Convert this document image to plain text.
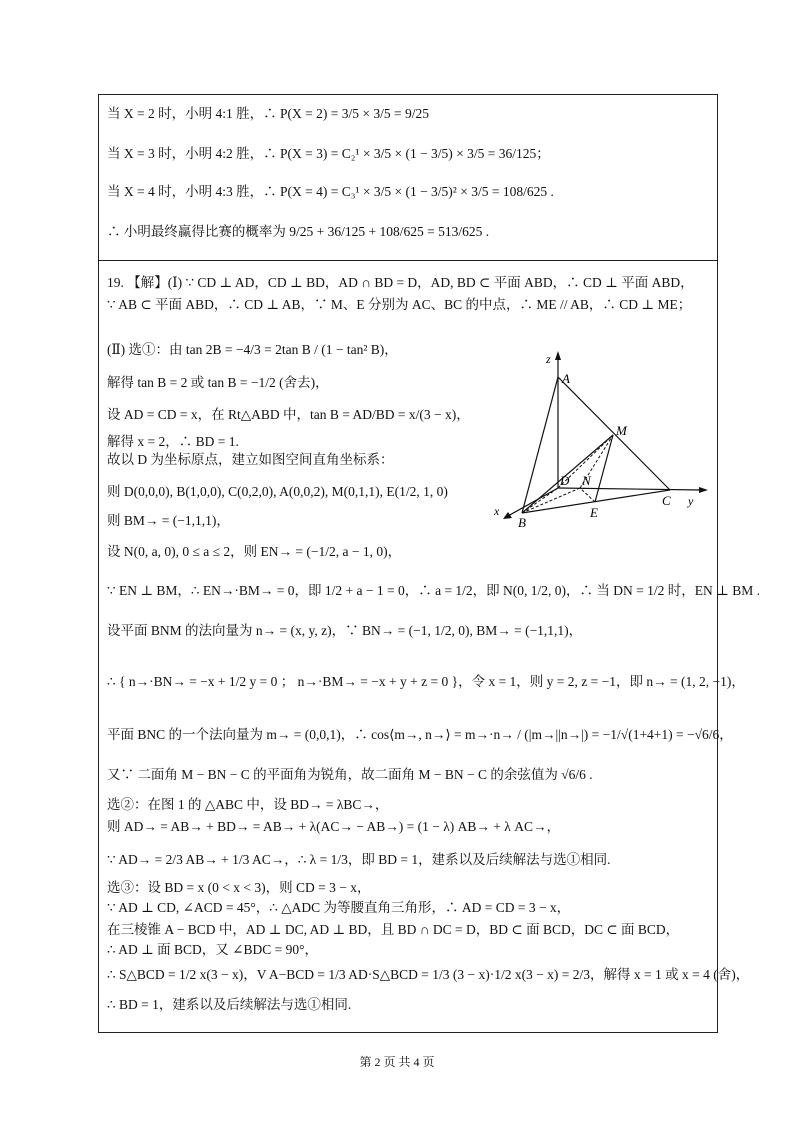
当 X = 2 时，小明 4:1 胜，∴ P(X = 2) = 3/5 × 3/5 = 9/25
当 X = 3 时，小明 4:2 胜，∴ P(X = 3) = C₂¹ × 3/5 × (1 − 3/5) × 3/5 = 36/125；
当 X = 4 时，小明 4:3 胜，∴ P(X = 4) = C₃¹ × 3/5 × (1 − 3/5)² × 3/5 = 108/625 .
∴ 小明最终赢得比赛的概率为 9/25 + 36/125 + 108/625 = 513/625 .
19. 【解】(Ⅰ) ∵ CD ⊥ AD，CD ⊥ BD，AD ∩ BD = D，AD, BD ⊂ 平面 ABD，∴ CD ⊥ 平面 ABD，
∵ AB ⊂ 平面 ABD，∴ CD ⊥ AB，∵ M、E 分别为 AC、BC 的中点，∴ ME // AB，∴ CD ⊥ ME；
(Ⅱ) 选①：由 tan 2B = −4/3 = 2tan B / (1 − tan² B)，
解得 tan B = 2 或 tan B = −1/2 (舍去)，
设 AD = CD = x，在 Rt△ABD 中，tan B = AD/BD = x/(3 − x)，
解得 x = 2，∴ BD = 1.
故以 D 为坐标原点，建立如图空间直角坐标系：
则 D(0,0,0), B(1,0,0), C(0,2,0), A(0,0,2), M(0,1,1), E(1/2, 1, 0)
则 BM→ = (−1,1,1)，
设 N(0, a, 0), 0 ≤ a ≤ 2，则 EN→ = (−1/2, a − 1, 0)，
∵ EN ⊥ BM，∴ EN→·BM→ = 0，即 1/2 + a − 1 = 0，∴ a = 1/2，即 N(0, 1/2, 0)，∴ 当 DN = 1/2 时，EN ⊥ BM .
设平面 BNM 的法向量为 n→ = (x, y, z)，∵ BN→ = (−1, 1/2, 0), BM→ = (−1,1,1)，
∴ { n→·BN→ = −x + 1/2 y = 0 ； n→·BM→ = −x + y + z = 0 }，令 x = 1，则 y = 2, z = −1，即 n→ = (1, 2, −1)，
平面 BNC 的一个法向量为 m→ = (0,0,1)，∴ cos⟨m→, n→⟩ = m→·n→ / (|m→||n→|) = −1/√(1+4+1) = −√6/6，
又∵ 二面角 M − BN − C 的平面角为锐角，故二面角 M − BN − C 的余弦值为 √6/6 .
选②：在图 1 的 △ABC 中，设 BD→ = λBC→，
则 AD→ = AB→ + BD→ = AB→ + λ(AC→ − AB→) = (1 − λ) AB→ + λ AC→，
∵ AD→ = 2/3 AB→ + 1/3 AC→，∴ λ = 1/3，即 BD = 1，建系以及后续解法与选①相同.
选③：设 BD = x (0 < x < 3)，则 CD = 3 − x，
∵ AD ⊥ CD, ∠ACD = 45°，∴ △ADC 为等腰直角三角形，∴ AD = CD = 3 − x，
在三棱锥 A − BCD 中，AD ⊥ DC, AD ⊥ BD，且 BD ∩ DC = D，BD ⊂ 面 BCD，DC ⊂ 面 BCD，
∴ AD ⊥ 面 BCD，又 ∠BDC = 90°，
∴ S△BCD = 1/2 x(3 − x)，V A−BCD = 1/3 AD·S△BCD = 1/3 (3 − x)·1/2 x(3 − x) = 2/3，解得 x = 1 或 x = 4 (舍)，
∴ BD = 1，建系以及后续解法与选①相同.
z
A
M
D N
C y
E
B
x
第 2 页 共 4 页
